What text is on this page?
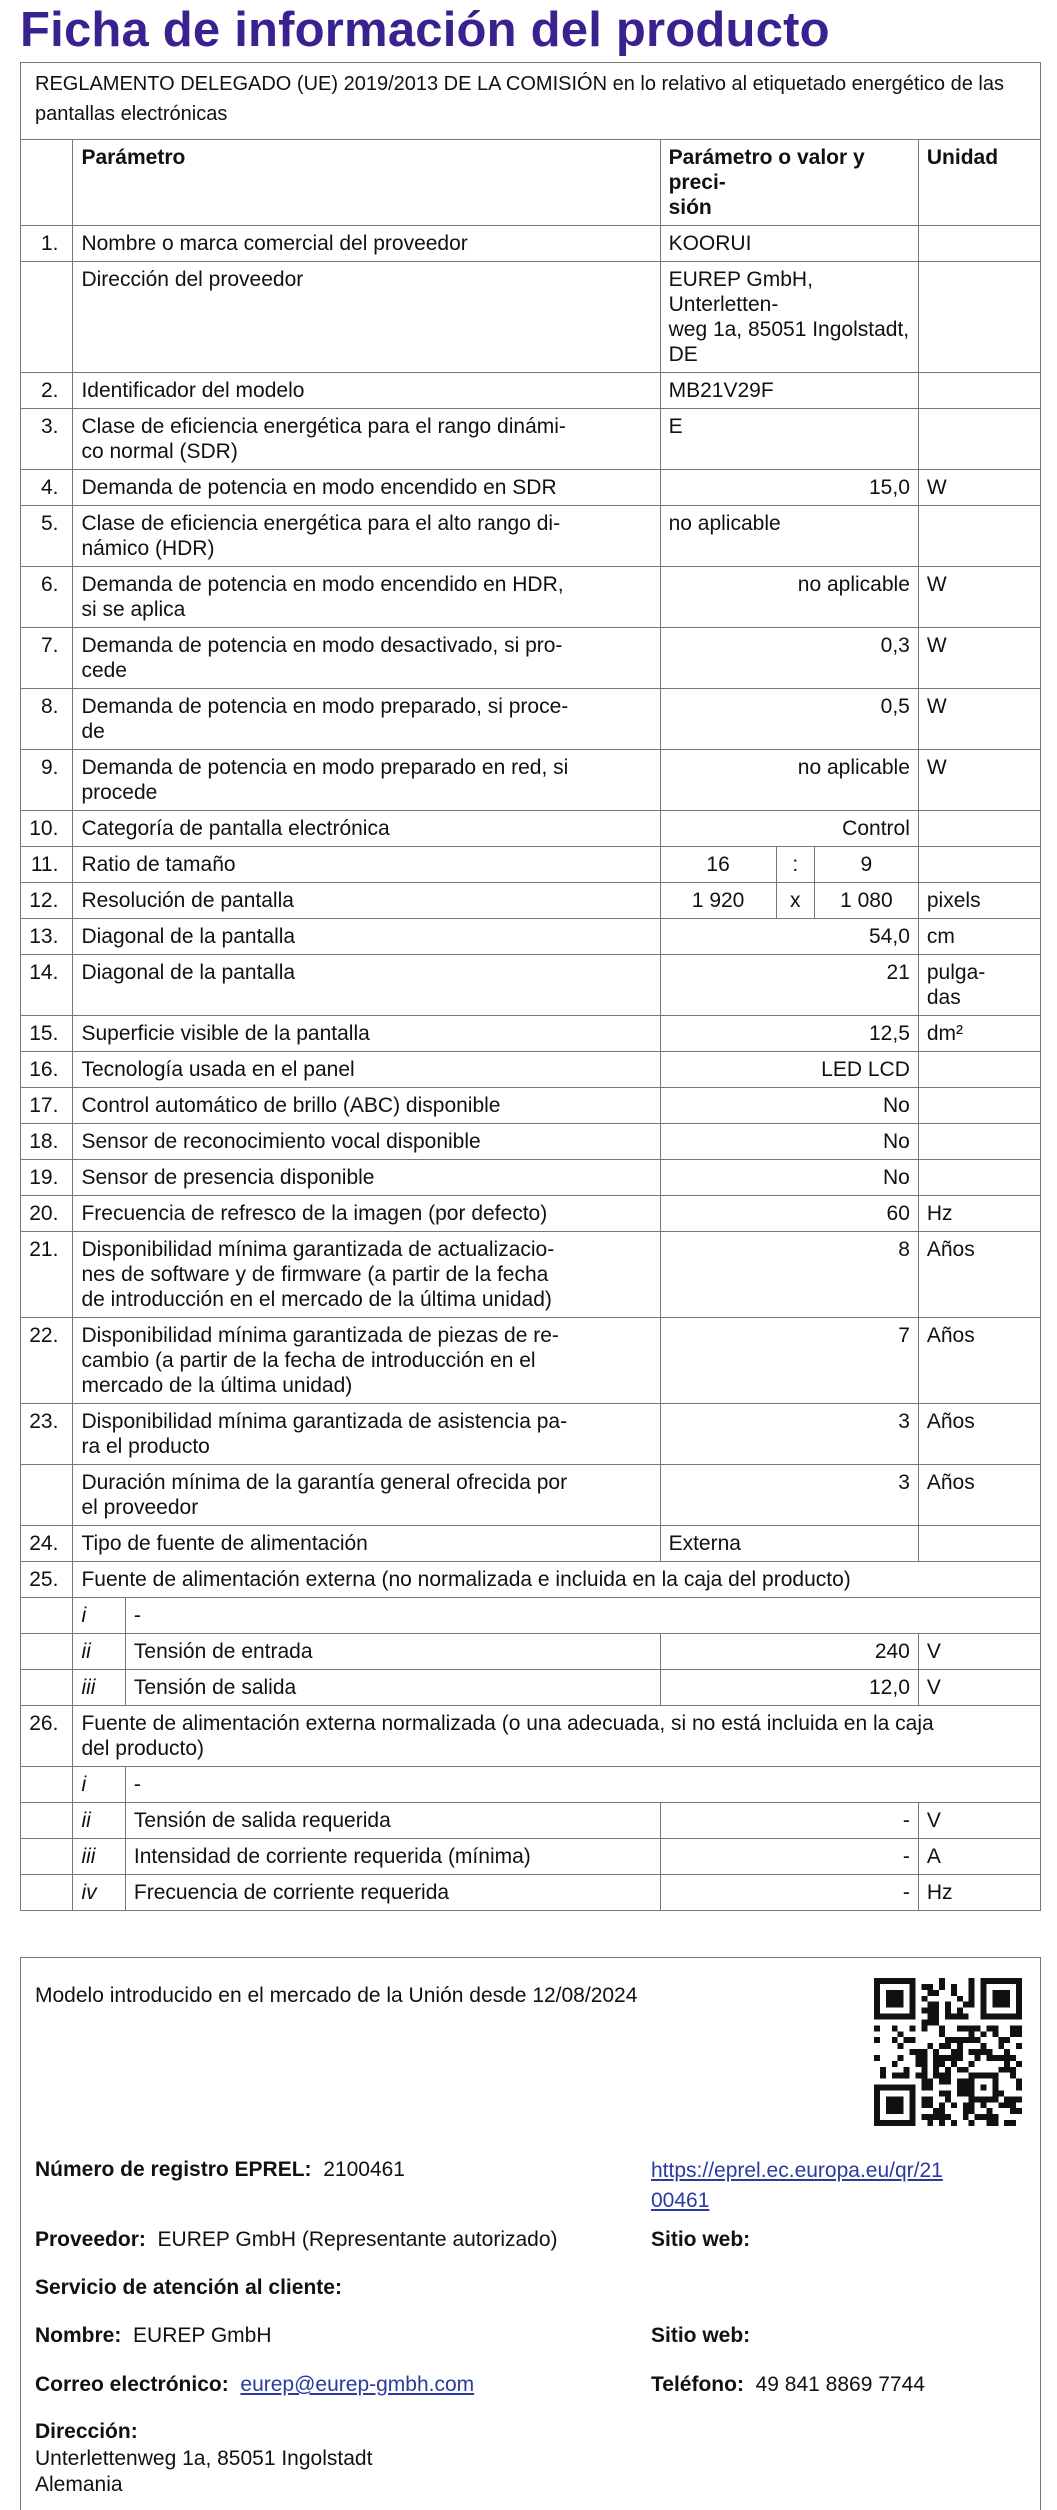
Ficha de información del producto
REGLAMENTO DELEGADO (UE) 2019/2013 DE LA COMISIÓN en lo relativo al etiquetado energético de las pantallas electrónicas
	Parámetro		Parámetro o valor y preci-
sión			Unidad
1.	Nombre o marca comercial del proveedor		KOORUI			
	Dirección del proveedor		EUREP GmbH, Unterletten-
weg 1a, 85051 Ingolstadt,
DE			
2.	Identificador del modelo		MB21V29F			
3.	Clase de eficiencia energética para el rango dinámi-
co normal (SDR)		E			
4.	Demanda de potencia en modo encendido en SDR		15,0			W
5.	Clase de eficiencia energética para el alto rango di-
námico (HDR)		no aplicable			
6.	Demanda de potencia en modo encendido en HDR,
si se aplica		no aplicable			W
7.	Demanda de potencia en modo desactivado, si pro-
cede		0,3			W
8.	Demanda de potencia en modo preparado, si proce-
de		0,5			W
9.	Demanda de potencia en modo preparado en red, si
procede		no aplicable			W
10.	Categoría de pantalla electrónica		Control			
11.	Ratio de tamaño		16	:	9	
12.	Resolución de pantalla		1 920	x	1 080	pixels
13.	Diagonal de la pantalla		54,0			cm
14.	Diagonal de la pantalla		21			pulga-
das
15.	Superficie visible de la pantalla		12,5			dm²
16.	Tecnología usada en el panel		LED LCD			
17.	Control automático de brillo (ABC) disponible		No			
18.	Sensor de reconocimiento vocal disponible		No			
19.	Sensor de presencia disponible		No			
20.	Frecuencia de refresco de la imagen (por defecto)		60			Hz
21.	Disponibilidad mínima garantizada de actualizacio-
nes de software y de firmware (a partir de la fecha
de introducción en el mercado de la última unidad)		8			Años
22.	Disponibilidad mínima garantizada de piezas de re-
cambio (a partir de la fecha de introducción en el
mercado de la última unidad)		7			Años
23.	Disponibilidad mínima garantizada de asistencia pa-
ra el producto		3			Años
	Duración mínima de la garantía general ofrecida por
el proveedor		3			Años
24.	Tipo de fuente de alimentación		Externa			
25.	Fuente de alimentación externa (no normalizada e incluida en la caja del producto)					
	i	-				
	ii	Tensión de entrada	240			V
	iii	Tensión de salida	12,0			V
26.	Fuente de alimentación externa normalizada (o una adecuada, si no está incluida en la caja
del producto)					
	i	-				
	ii	Tensión de salida requerida	-			V
	iii	Intensidad de corriente requerida (mínima)	-			A
	iv	Frecuencia de corriente requerida	-			Hz
Modelo introducido en el mercado de la Unión desde 12/08/2024
Número de registro EPREL: 2100461	https://eprel.ec.europa.eu/qr/21
00461
Proveedor: EUREP GmbH (Representante autorizado)	Sitio web:
Servicio de atención al cliente:
Nombre: EUREP GmbH	Sitio web:
Correo electrónico: eurep@eurep-gmbh.com	Teléfono: 49 841 8869 7744
Dirección:
Unterlettenweg 1a, 85051 Ingolstadt
Alemania
